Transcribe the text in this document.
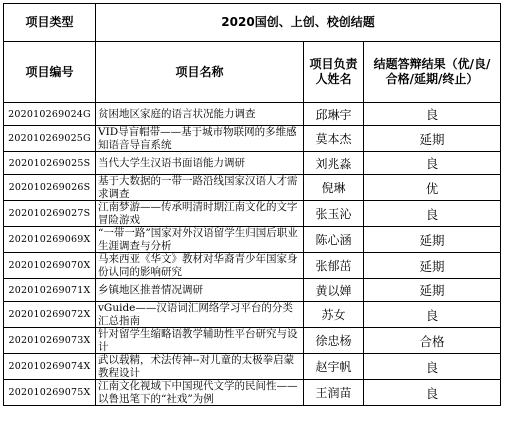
项目类型	2020国创、上创、校创结题		
项目编号	项目名称	项目负责人姓名	结题答辩结果（优/良/合格/延期/终止）
202010269024G	贫困地区家庭的语言状况能力调查	邱琳宇	良
202010269025G	VID导盲帽带——基于城市物联网的多维感知语音导盲系统	莫本杰	延期
202010269025S	当代大学生汉语书面语能力调研	刘兆淼	良
202010269026S	基于大数据的一带一路沿线国家汉语人才需求调查	倪琳	优
202010269027S	江南梦游——传承明清时期江南文化的文字冒险游戏	张玉沁	良
202010269069X	“一带一路”国家对外汉语留学生归国后职业生涯调查与分析	陈心涵	延期
202010269070X	马来西亚《华文》教材对华裔青少年国家身份认同的影响研究	张郁茁	延期
202010269071X	乡镇地区推普情况调研	黄以婵	延期
202010269072X	vGuide——汉语词汇网络学习平台的分类汇总指南	苏女	良
202010269073X	针对留学生缩略语教学辅助性平台研究与设计	徐忠杨	合格
202010269074X	武以载精，术法传神--对儿童的太极拳启蒙教程设计	赵宇帆	良
202010269075X	江南文化视域下中国现代文学的民间性——以鲁迅笔下的“社戏”为例	王润苗	良
